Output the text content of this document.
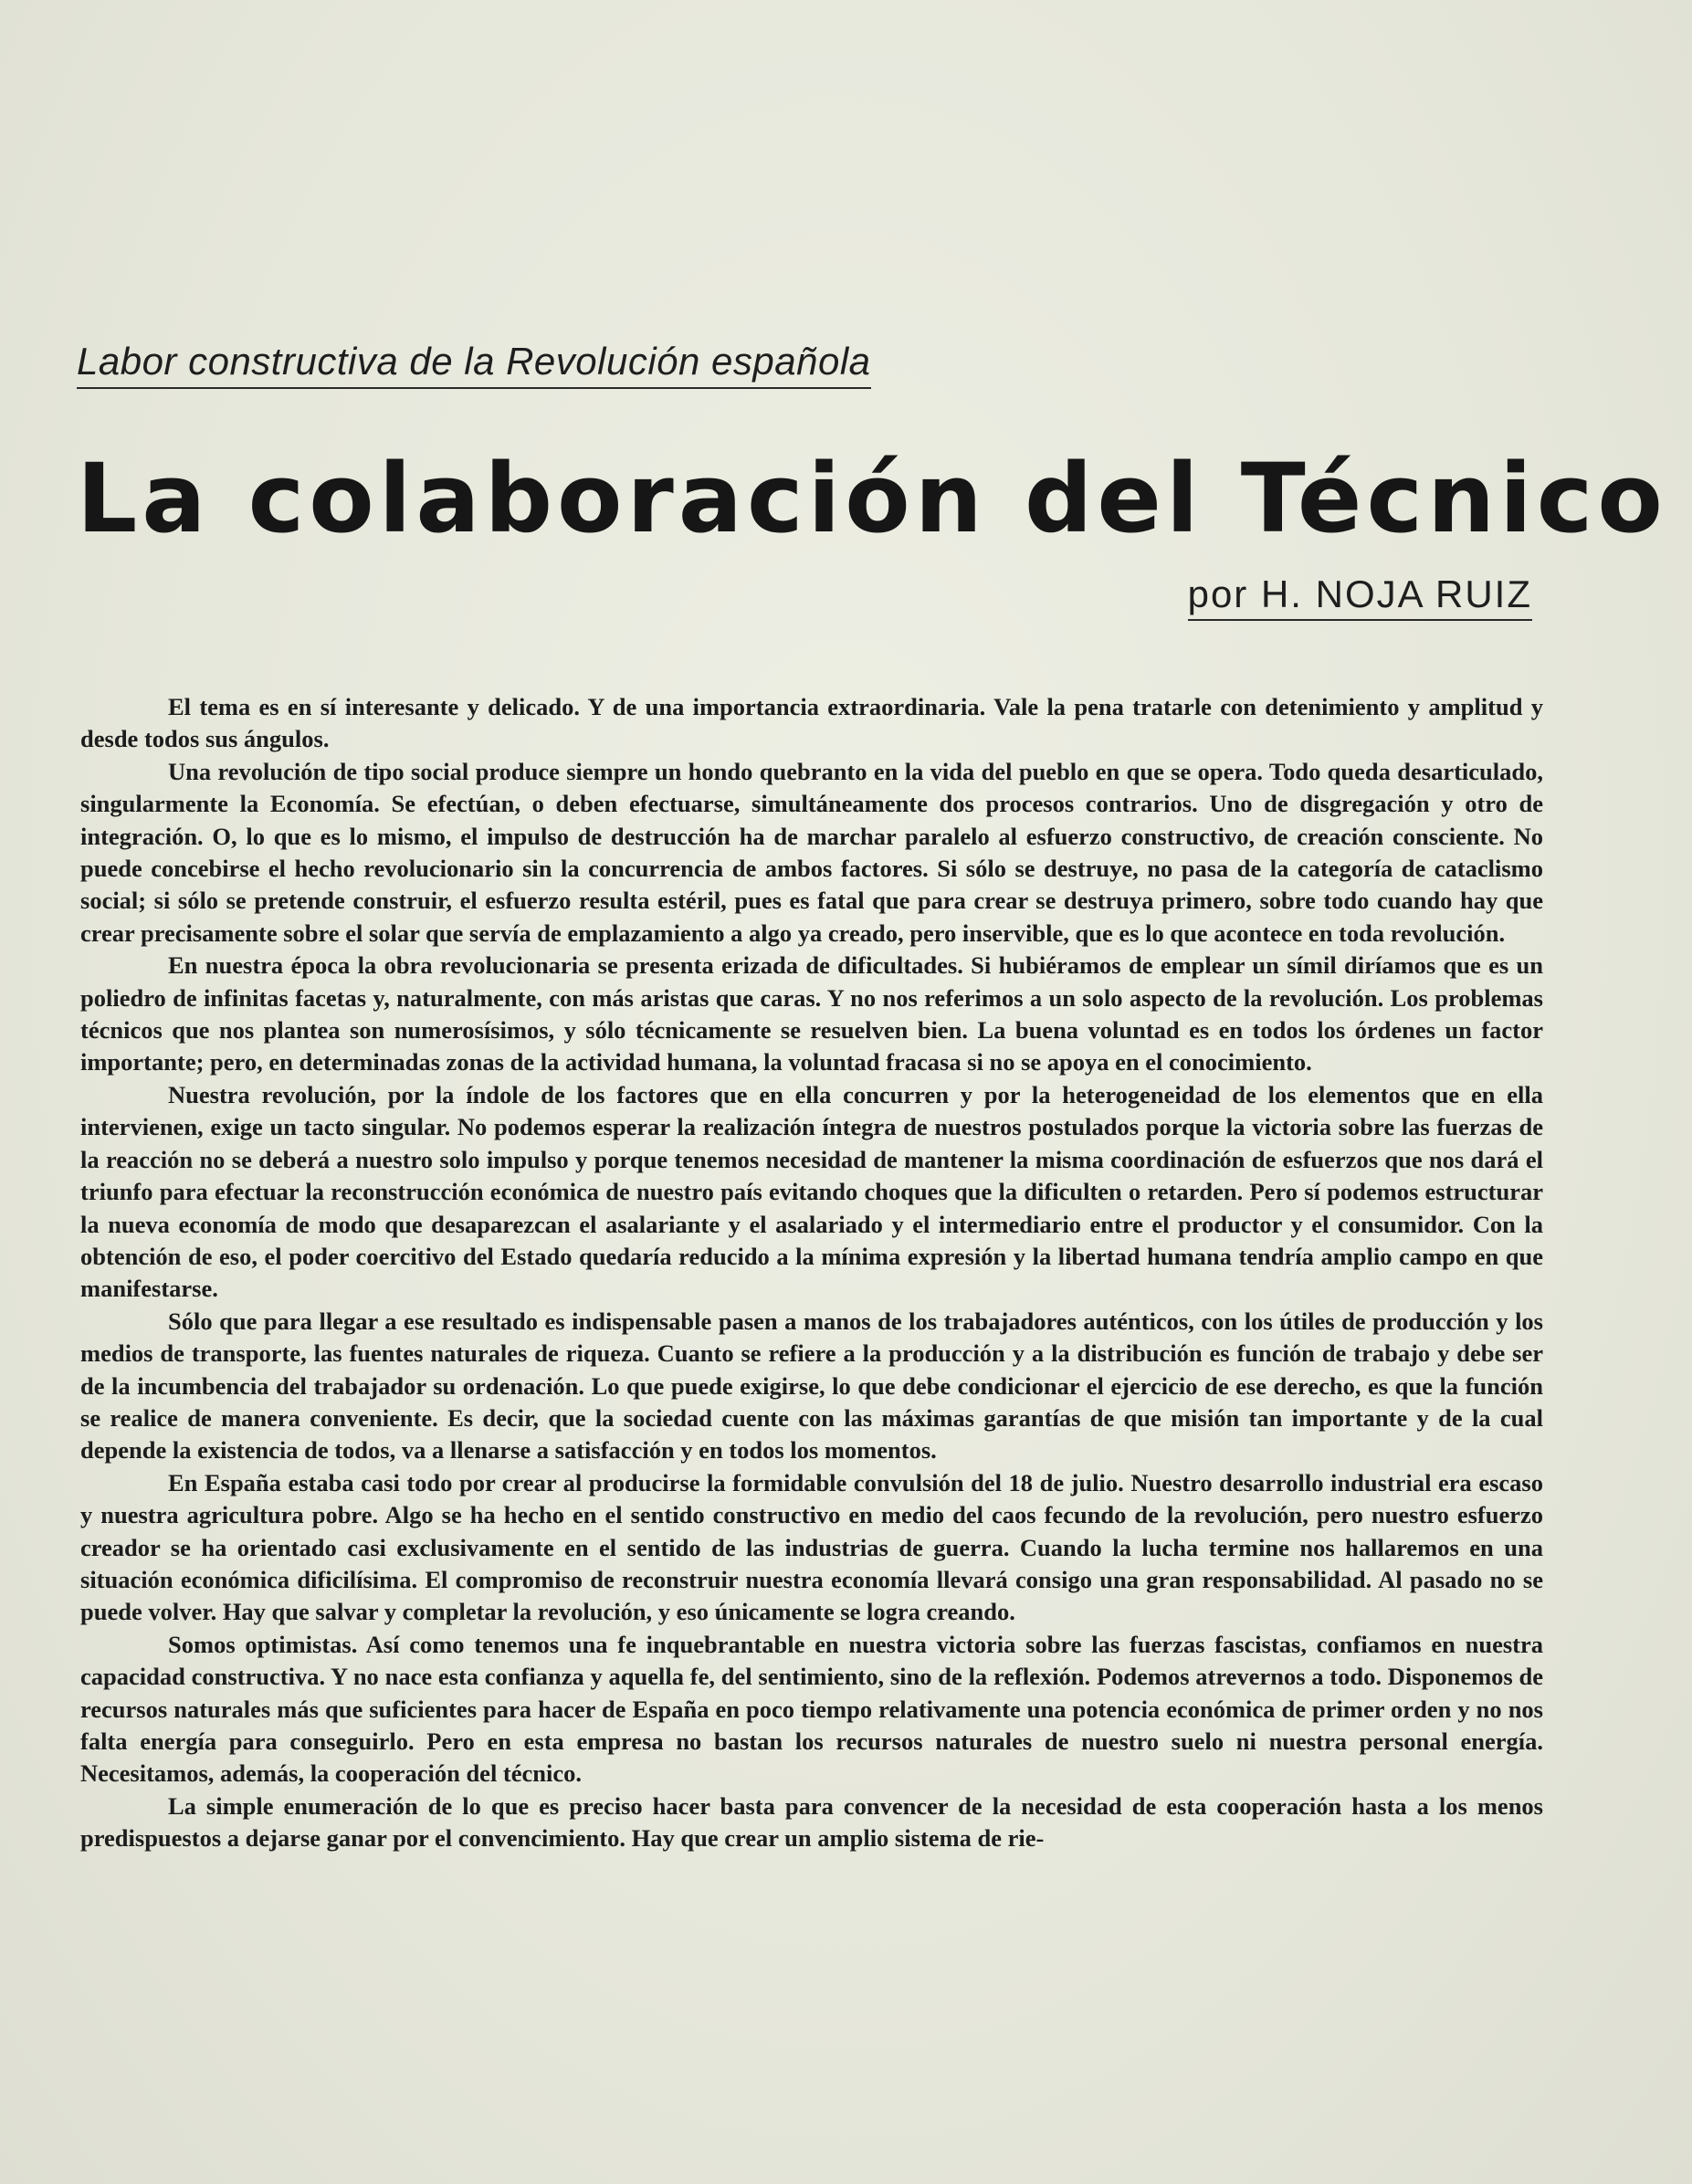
Labor constructiva de la Revolución española
La colaboración del Técnico
por H. NOJA RUIZ

El tema es en sí interesante y delicado. Y de una importancia extraordinaria. Vale la pena tratarle con detenimiento y amplitud y desde todos sus ángulos.

Una revolución de tipo social produce siempre un hondo quebranto en la vida del pueblo en que se opera. Todo queda desarticulado, singularmente la Economía. Se efectúan, o deben efectuarse, simultáneamente dos procesos contrarios. Uno de disgregación y otro de integración. O, lo que es lo mismo, el impulso de destrucción ha de marchar paralelo al esfuerzo constructivo, de creación consciente. No puede concebirse el hecho revolucionario sin la concurrencia de ambos factores. Si sólo se destruye, no pasa de la categoría de cataclismo social; si sólo se pretende construir, el esfuerzo resulta estéril, pues es fatal que para crear se destruya primero, sobre todo cuando hay que crear precisamente sobre el solar que servía de emplazamiento a algo ya creado, pero inservible, que es lo que acontece en toda revolución.

En nuestra época la obra revolucionaria se presenta erizada de dificultades. Si hubiéramos de emplear un símil diríamos que es un poliedro de infinitas facetas y, naturalmente, con más aristas que caras. Y no nos referimos a un solo aspecto de la revolución. Los problemas técnicos que nos plantea son numerosísimos, y sólo técnicamente se resuelven bien. La buena voluntad es en todos los órdenes un factor importante; pero, en determinadas zonas de la actividad humana, la voluntad fracasa si no se apoya en el conocimiento.

Nuestra revolución, por la índole de los factores que en ella concurren y por la heterogeneidad de los elementos que en ella intervienen, exige un tacto singular. No podemos esperar la realización íntegra de nuestros postulados porque la victoria sobre las fuerzas de la reacción no se deberá a nuestro solo impulso y porque tenemos necesidad de mantener la misma coordinación de esfuerzos que nos dará el triunfo para efectuar la reconstrucción económica de nuestro país evitando choques que la dificulten o retarden. Pero sí podemos estructurar la nueva economía de modo que desaparezcan el asalariante y el asalariado y el intermediario entre el productor y el consumidor. Con la obtención de eso, el poder coercitivo del Estado quedaría reducido a la mínima expresión y la libertad humana tendría amplio campo en que manifestarse.

Sólo que para llegar a ese resultado es indispensable pasen a manos de los trabajadores auténticos, con los útiles de producción y los medios de transporte, las fuentes naturales de riqueza. Cuanto se refiere a la producción y a la distribución es función de trabajo y debe ser de la incumbencia del trabajador su ordenación. Lo que puede exigirse, lo que debe condicionar el ejercicio de ese derecho, es que la función se realice de manera conveniente. Es decir, que la sociedad cuente con las máximas garantías de que misión tan importante y de la cual depende la existencia de todos, va a llenarse a satisfacción y en todos los momentos.

En España estaba casi todo por crear al producirse la formidable convulsión del 18 de julio. Nuestro desarrollo industrial era escaso y nuestra agricultura pobre. Algo se ha hecho en el sentido constructivo en medio del caos fecundo de la revolución, pero nuestro esfuerzo creador se ha orientado casi exclusivamente en el sentido de las industrias de guerra. Cuando la lucha termine nos hallaremos en una situación económica dificilísima. El compromiso de reconstruir nuestra economía llevará consigo una gran responsabilidad. Al pasado no se puede volver. Hay que salvar y completar la revolución, y eso únicamente se logra creando.

Somos optimistas. Así como tenemos una fe inquebrantable en nuestra victoria sobre las fuerzas fascistas, confiamos en nuestra capacidad constructiva. Y no nace esta confianza y aquella fe, del sentimiento, sino de la reflexión. Podemos atrevernos a todo. Disponemos de recursos naturales más que suficientes para hacer de España en poco tiempo relativamente una potencia económica de primer orden y no nos falta energía para conseguirlo. Pero en esta empresa no bastan los recursos naturales de nuestro suelo ni nuestra personal energía. Necesitamos, además, la cooperación del técnico.

La simple enumeración de lo que es preciso hacer basta para convencer de la necesidad de esta cooperación hasta a los menos predispuestos a dejarse ganar por el convencimiento. Hay que crear un amplio sistema de rie-
